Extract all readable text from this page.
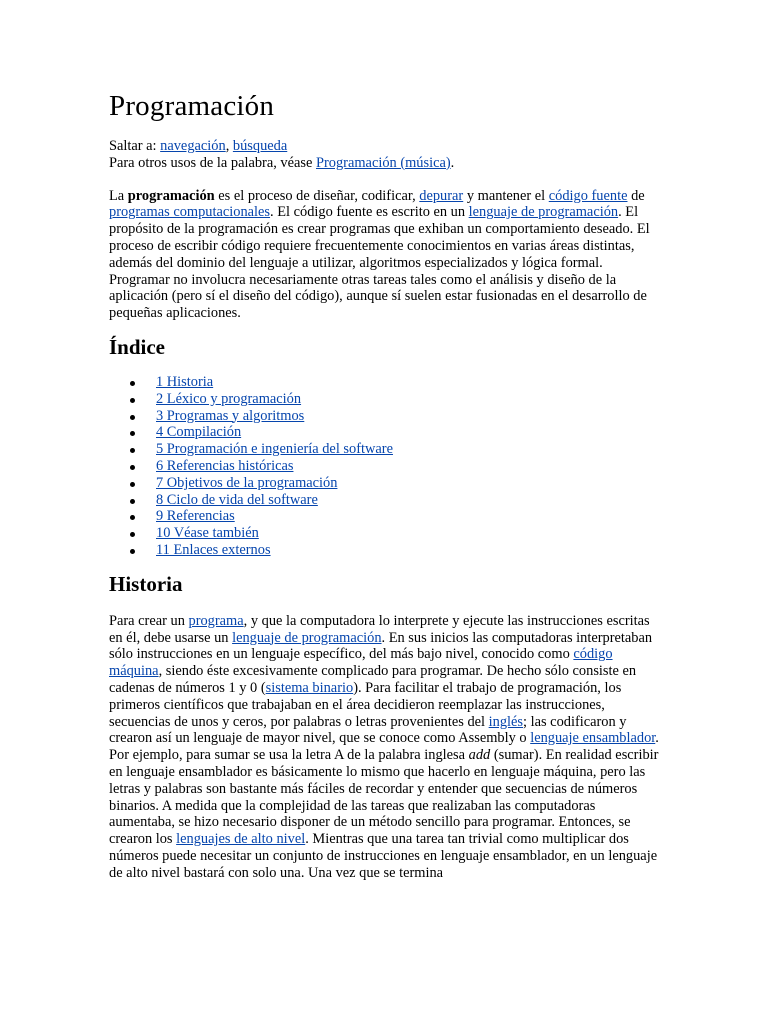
Programación

Saltar a: navegación, búsqueda

Para otros usos de la palabra, véase Programación (música).

La programación es el proceso de diseñar, codificar, depurar y mantener el código fuente de programas computacionales. El código fuente es escrito en un lenguaje de programación. El propósito de la programación es crear programas que exhiban un comportamiento deseado. El proceso de escribir código requiere frecuentemente conocimientos en varias áreas distintas, además del dominio del lenguaje a utilizar, algoritmos especializados y lógica formal. Programar no involucra necesariamente otras tareas tales como el análisis y diseño de la aplicación (pero sí el diseño del código), aunque sí suelen estar fusionadas en el desarrollo de pequeñas aplicaciones.

Índice
1 Historia
2 Léxico y programación
3 Programas y algoritmos
4 Compilación
5 Programación e ingeniería del software
6 Referencias históricas
7 Objetivos de la programación
8 Ciclo de vida del software
9 Referencias
10 Véase también
11 Enlaces externos
Historia

Para crear un programa, y que la computadora lo interprete y ejecute las instrucciones escritas en él, debe usarse un lenguaje de programación. En sus inicios las computadoras interpretaban sólo instrucciones en un lenguaje específico, del más bajo nivel, conocido como código máquina, siendo éste excesivamente complicado para programar. De hecho sólo consiste en cadenas de números 1 y 0 (sistema binario). Para facilitar el trabajo de programación, los primeros científicos que trabajaban en el área decidieron reemplazar las instrucciones, secuencias de unos y ceros, por palabras o letras provenientes del inglés; las codificaron y crearon así un lenguaje de mayor nivel, que se conoce como Assembly o lenguaje ensamblador. Por ejemplo, para sumar se usa la letra A de la palabra inglesa add (sumar). En realidad escribir en lenguaje ensamblador es básicamente lo mismo que hacerlo en lenguaje máquina, pero las letras y palabras son bastante más fáciles de recordar y entender que secuencias de números binarios. A medida que la complejidad de las tareas que realizaban las computadoras aumentaba, se hizo necesario disponer de un método sencillo para programar. Entonces, se crearon los lenguajes de alto nivel. Mientras que una tarea tan trivial como multiplicar dos números puede necesitar un conjunto de instrucciones en lenguaje ensamblador, en un lenguaje de alto nivel bastará con solo una. Una vez que se termina
